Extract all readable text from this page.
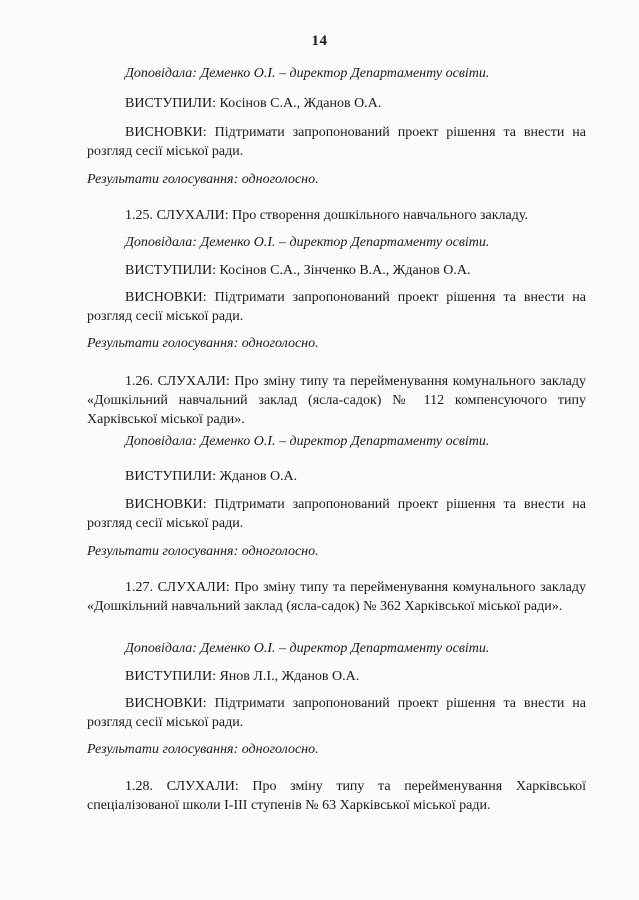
14
Доповідала: Деменко О.І. – директор Департаменту освіти.
ВИСТУПИЛИ: Косінов С.А., Жданов О.А.
ВИСНОВКИ: Підтримати запропонований проект рішення та внести на розгляд сесії міської ради.
Результати голосування: одноголосно.
1.25. СЛУХАЛИ: Про створення дошкільного навчального закладу.
Доповідала: Деменко О.І. – директор Департаменту освіти.
ВИСТУПИЛИ: Косінов С.А., Зінченко В.А., Жданов О.А.
ВИСНОВКИ: Підтримати запропонований проект рішення та внести на розгляд сесії міської ради.
Результати голосування: одноголосно.
1.26. СЛУХАЛИ: Про зміну типу та перейменування комунального закладу «Дошкільний навчальний заклад (ясла-садок) № 112 компенсуючого типу Харківської міської ради».
Доповідала: Деменко О.І. – директор Департаменту освіти.
ВИСТУПИЛИ: Жданов О.А.
ВИСНОВКИ: Підтримати запропонований проект рішення та внести на розгляд сесії міської ради.
Результати голосування: одноголосно.
1.27. СЛУХАЛИ: Про зміну типу та перейменування комунального закладу «Дошкільний навчальний заклад (ясла-садок) № 362 Харківської міської ради».
Доповідала: Деменко О.І. – директор Департаменту освіти.
ВИСТУПИЛИ: Янов Л.І., Жданов О.А.
ВИСНОВКИ: Підтримати запропонований проект рішення та внести на розгляд сесії міської ради.
Результати голосування: одноголосно.
1.28. СЛУХАЛИ: Про зміну типу та перейменування Харківської спеціалізованої школи І-ІІІ ступенів № 63 Харківської міської ради.
